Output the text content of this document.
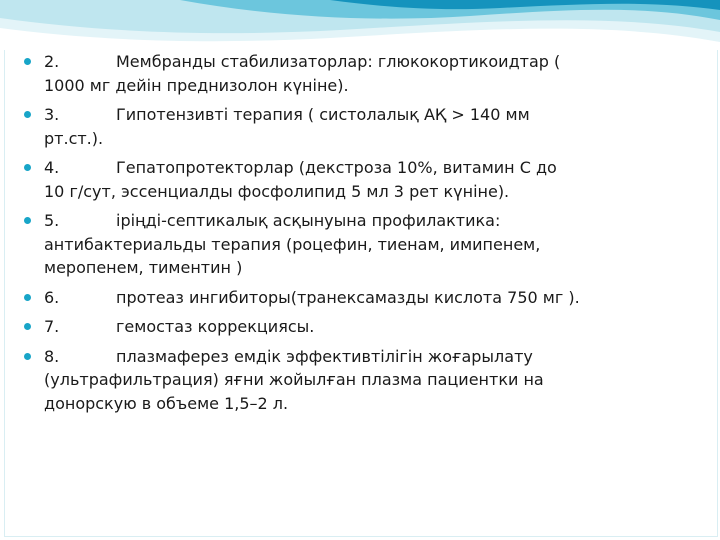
2.	Мембранды стабилизаторлар: глюкокортикоидтар ( 1000 мг дейін преднизолон күніне).
3.	Гипотензивті терапия ( систолалық АҚ > 140 мм рт.ст.).
4.	Гепатопротекторлар (декстроза 10%, витамин С до 10 г/сут, эссенциалды фосфолипид 5 мл 3 рет күніне).
5.	іріңді-септикалық асқынуына профилактика: антибактериальды терапия (роцефин, тиенам, имипенем, меропенем, тиментин )
6.	протеаз ингибиторы(транексамазды кислота 750 мг ).
7.	гемостаз коррекциясы.
8.	плазмаферез емдік эффективтілігін жоғарылату (ультрафильтрация) яғни жойылған плазма пациентки на донорскую в объеме 1,5–2 л.
